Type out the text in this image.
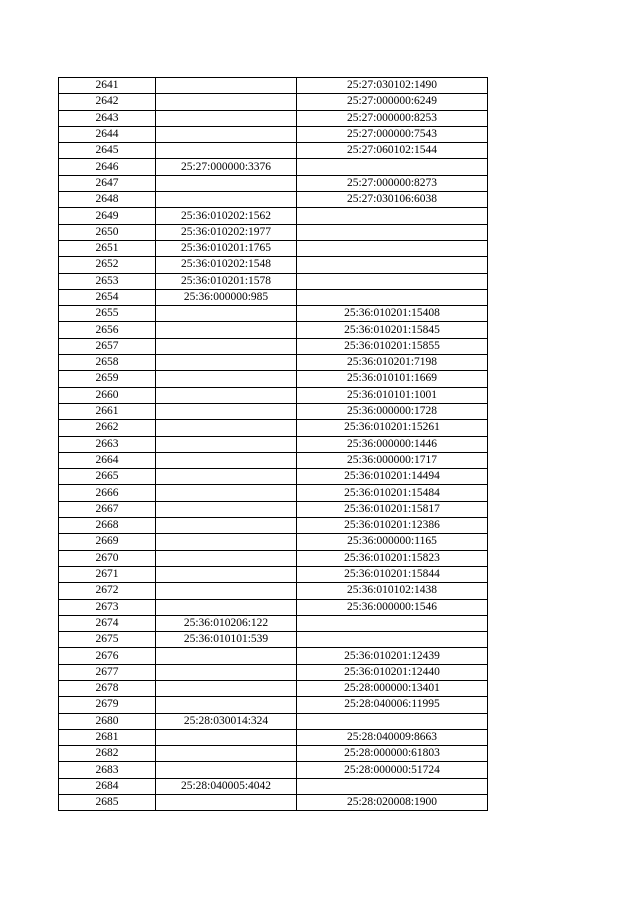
2641		25:27:030102:1490
2642		25:27:000000:6249
2643		25:27:000000:8253
2644		25:27:000000:7543
2645		25:27:060102:1544
2646	25:27:000000:3376	
2647		25:27:000000:8273
2648		25:27:030106:6038
2649	25:36:010202:1562	
2650	25:36:010202:1977	
2651	25:36:010201:1765	
2652	25:36:010202:1548	
2653	25:36:010201:1578	
2654	25:36:000000:985	
2655		25:36:010201:15408
2656		25:36:010201:15845
2657		25:36:010201:15855
2658		25:36:010201:7198
2659		25:36:010101:1669
2660		25:36:010101:1001
2661		25:36:000000:1728
2662		25:36:010201:15261
2663		25:36:000000:1446
2664		25:36:000000:1717
2665		25:36:010201:14494
2666		25:36:010201:15484
2667		25:36:010201:15817
2668		25:36:010201:12386
2669		25:36:000000:1165
2670		25:36:010201:15823
2671		25:36:010201:15844
2672		25:36:010102:1438
2673		25:36:000000:1546
2674	25:36:010206:122	
2675	25:36:010101:539	
2676		25:36:010201:12439
2677		25:36:010201:12440
2678		25:28:000000:13401
2679		25:28:040006:11995
2680	25:28:030014:324	
2681		25:28:040009:8663
2682		25:28:000000:61803
2683		25:28:000000:51724
2684	25:28:040005:4042	
2685		25:28:020008:1900
